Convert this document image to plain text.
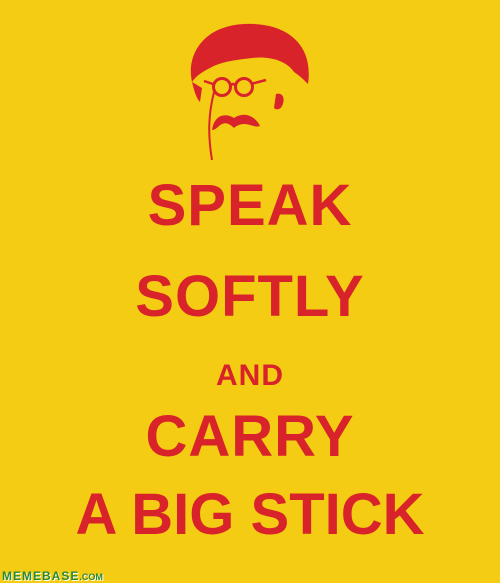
SPEAK
SOFTLY
AND
CARRY
A BIG STICK
MEMEBASE.COM
